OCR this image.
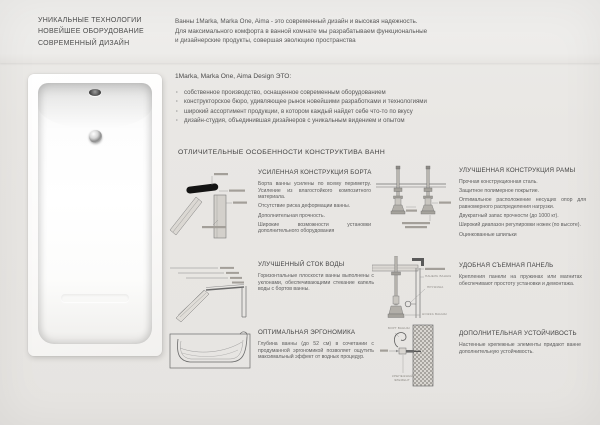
УНИКАЛЬНЫЕ ТЕХНОЛОГИИ
НОВЕЙШЕЕ ОБОРУДОВАНИЕ
СОВРЕМЕННЫЙ ДИЗАЙН
Ванны 1Marka, Marka One, Aima - это современный дизайн и высокая надежность.
Для максимального комфорта в ванной комнате мы разрабатываем функциональные
и дизайнерские продукты, совершая эволюцию пространства
1Marka, Marka One, Aima Design ЭТО:
· собственное производство, оснащенное современным оборудованием
· конструкторское бюро, удивляющее рынок новейшими разработками и технологиями
· широкий ассортимент продукции, в котором каждый найдет себе что-то по вкусу
· дизайн-студия, объединившая дизайнеров с уникальным видением и опытом
ОТЛИЧИТЕЛЬНЫЕ ОСОБЕННОСТИ КОНСТРУКТИВА ВАНН
ПАНЕЛЬ ВАННЫ
ПРУЖИНА
НОЖКА ВАННЫ
БОРТ ВАННЫ
КРЕПЕЖНЫЙ
ЭЛЕМЕНТ
УСИЛЕННАЯ КОНСТРУКЦИЯ БОРТА

Борта ванны усилены по всему периметру. Усиление из влагостойкого композитного материала.

Отсутствие риска деформации ванны.

Дополнительная прочность.

Широкие возможности установки дополнительного оборудования

УЛУЧШЕННАЯ КОНСТРУКЦИЯ РАМЫ

Прочная конструкционная сталь.

Защитное полимерное покрытие.

Оптимальное расположение несущих опор для равномерного распределения нагрузки.

Двукратный запас прочности (до 1000 кг).

Широкий диапазон регулировки ножек (по высоте).

Оцинкованные шпильки

УЛУЧШЕННЫЙ СТОК ВОДЫ

Горизонтальные плоскости ванны выполнены с уклонами, обеспечивающими стекание капель воды с бортов ванны.

УДОБНАЯ СЪЕМНАЯ ПАНЕЛЬ

Крепления панели на пружинах или магнитах обеспечивают простоту установки и демонтажа.

ОПТИМАЛЬНАЯ ЭРГОНОМИКА

Глубина ванны (до 52 см) в сочетании с продуманной эргономикой позволяет ощутить максимальный эффект от водных процедур.

ДОПОЛНИТЕЛЬНАЯ УСТОЙЧИВОСТЬ

Настенные крепежные элементы придают ванне дополнительную устойчивость.
